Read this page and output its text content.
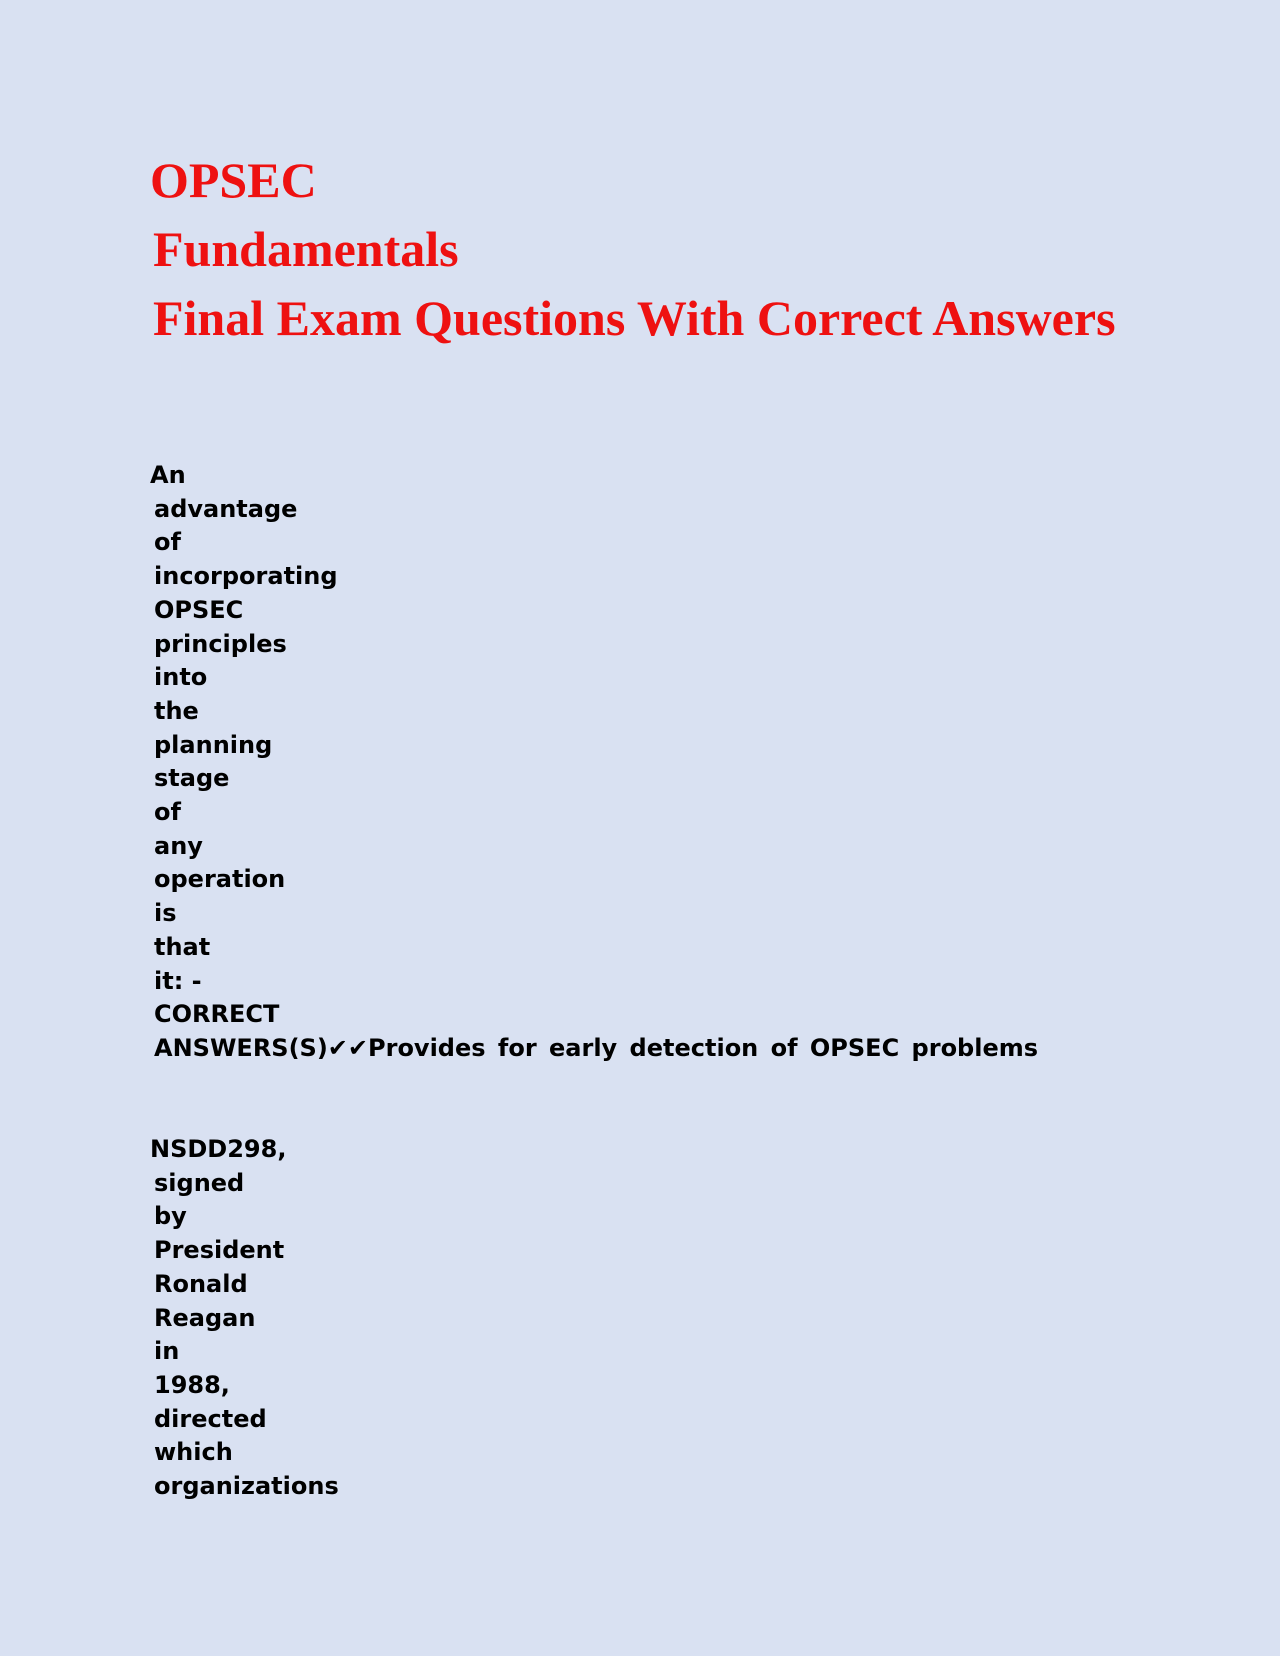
OPSEC
Fundamentals
Final Exam Questions With Correct Answers
An
advantage
of
incorporating
OPSEC
principles
into
the
planning
stage
of
any
operation
is
that
it: -
CORRECT
ANSWERS(S)✔✔Provides for early detection of OPSEC problems
NSDD298,
signed
by
President
Ronald
Reagan
in
1988,
directed
which
organizations
